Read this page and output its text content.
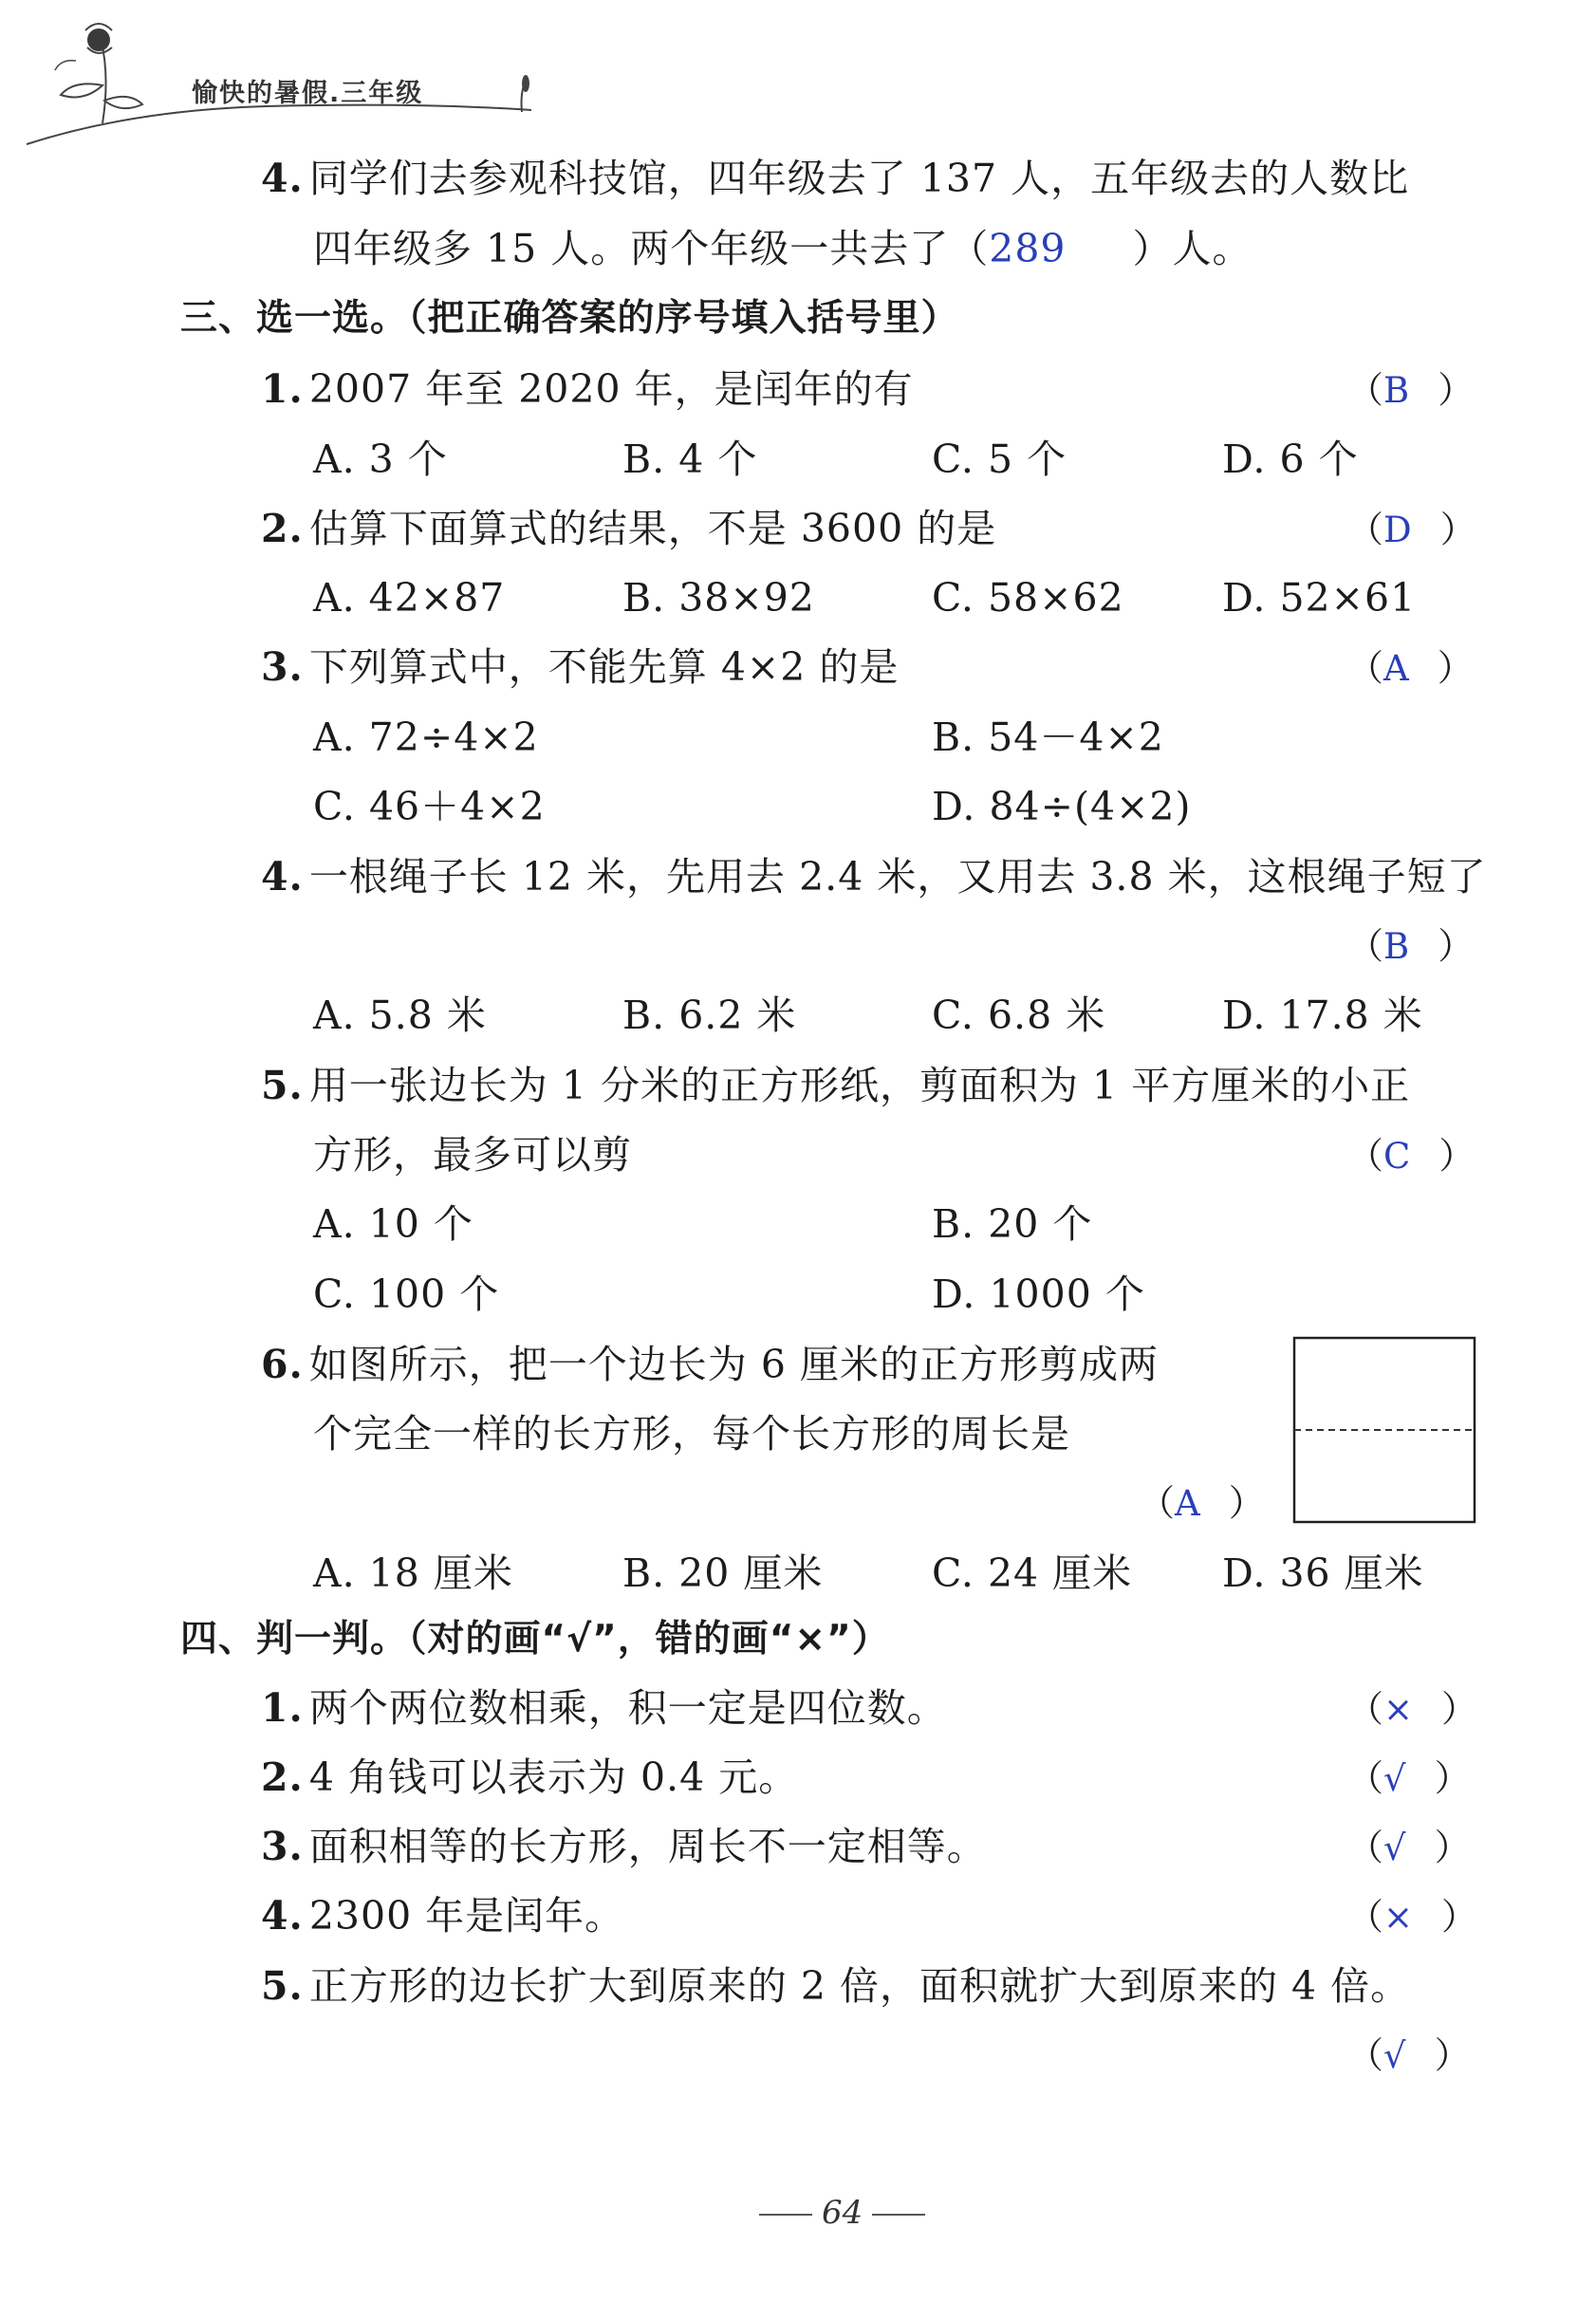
愉快的暑假.三年级
4. 同学们去参观科技馆，四年级去了 137 人，五年级去的人数比
四年级多 15 人。两个年级一共去了（289 ）人。
三、选一选。（把正确答案的序号填入括号里）
1. 2007 年至 2020 年，是闰年的有	（B ）
A. 3 个	B. 4 个	C. 5 个	D. 6 个
2. 估算下面算式的结果，不是 3600 的是	（D ）
A. 42×87	B. 38×92	C. 58×62	D. 52×61
3. 下列算式中，不能先算 4×2 的是	（A ）
A. 72÷4×2	B. 54－4×2
C. 46＋4×2	D. 84÷(4×2)
4. 一根绳子长 12 米，先用去 2.4 米，又用去 3.8 米，这根绳子短了
（B ）
A. 5.8 米	B. 6.2 米	C. 6.8 米	D. 17.8 米
5. 用一张边长为 1 分米的正方形纸，剪面积为 1 平方厘米的小正
方形，最多可以剪	（C ）
A. 10 个	B. 20 个
C. 100 个	D. 1000 个
6. 如图所示，把一个边长为 6 厘米的正方形剪成两
个完全一样的长方形，每个长方形的周长是
（A ）
A. 18 厘米	B. 20 厘米	C. 24 厘米 D. 36 厘米
四、判一判。（对的画“√”，错的画“×”）
1. 两个两位数相乘，积一定是四位数。	（× ）
2. 4 角钱可以表示为 0.4 元。	（√ ）
3. 面积相等的长方形，周长不一定相等。	（√ ）
4. 2300 年是闰年。	（× ）
5. 正方形的边长扩大到原来的 2 倍，面积就扩大到原来的 4 倍。
（√ ）
64
